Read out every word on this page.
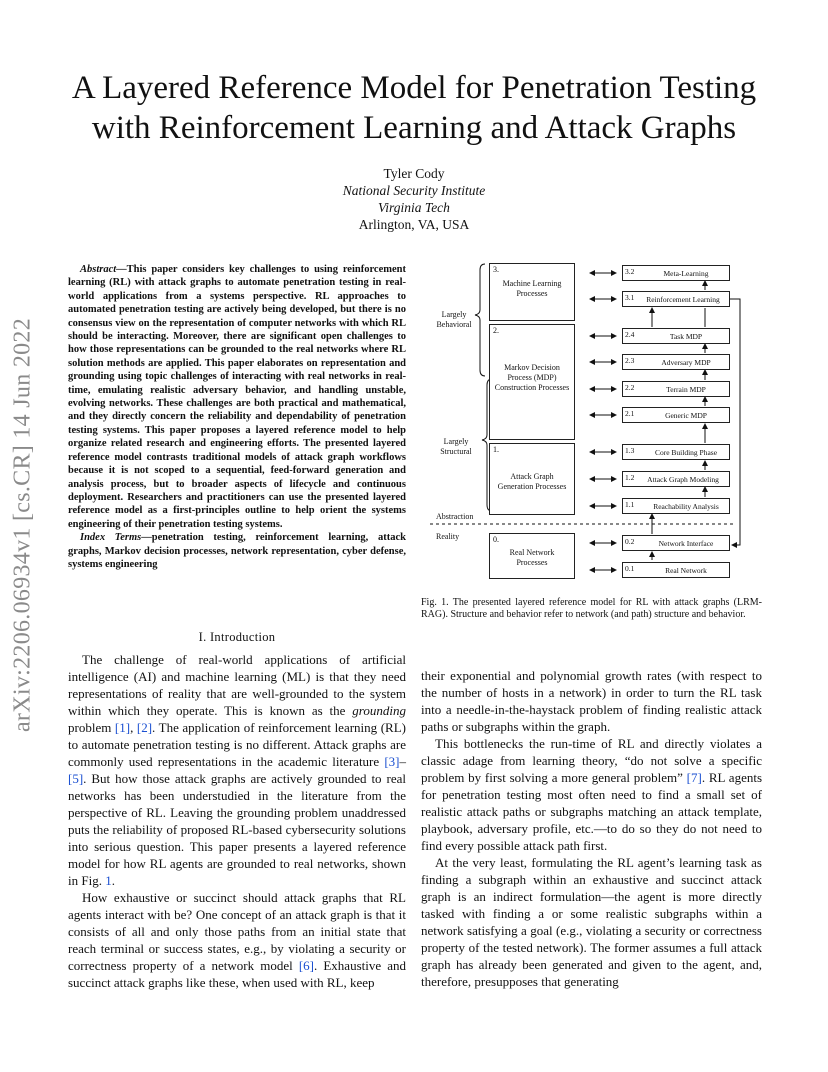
arXiv:2206.06934v1 [cs.CR] 14 Jun 2022
A Layered Reference Model for Penetration Testing with Reinforcement Learning and Attack Graphs
Tyler Cody
National Security Institute
Virginia Tech
Arlington, VA, USA

Abstract—This paper considers key challenges to using reinforcement learning (RL) with attack graphs to automate penetration testing in real-world applications from a systems perspective. RL approaches to automated penetration testing are actively being developed, but there is no consensus view on the representation of computer networks with which RL should be interacting. Moreover, there are significant open challenges to how those representations can be grounded to the real networks where RL solution methods are applied. This paper elaborates on representation and grounding using topic challenges of interacting with real networks in real-time, emulating realistic adversary behavior, and handling unstable, evolving networks. These challenges are both practical and mathematical, and they directly concern the reliability and dependability of penetration testing systems. This paper proposes a layered reference model to help organize related research and engineering efforts. The presented layered reference model contrasts traditional models of attack graph workflows because it is not scoped to a sequential, feed-forward generation and analysis process, but to broader aspects of lifecycle and continuous deployment. Researchers and practitioners can use the presented layered reference model as a first-principles outline to help orient the systems engineering of their penetration testing systems.

Index Terms—penetration testing, reinforcement learning, attack graphs, Markov decision processes, network representation, cyber defense, systems engineering

I. Introduction

The challenge of real-world applications of artificial intelligence (AI) and machine learning (ML) is that they need representations of reality that are well-grounded to the system within which they operate. This is known as the grounding problem [1], [2]. The application of reinforcement learning (RL) to automate penetration testing is no different. Attack graphs are commonly used representations in the academic literature [3]–[5]. But how those attack graphs are actively grounded to real networks has been understudied in the literature from the perspective of RL. Leaving the grounding problem unaddressed puts the reliability of proposed RL-based cybersecurity solutions into serious question. This paper presents a layered reference model for how RL agents are grounded to real networks, shown in Fig. 1.

How exhaustive or succinct should attack graphs that RL agents interact with be? One concept of an attack graph is that it consists of all and only those paths from an initial state that reach terminal or success states, e.g., by violating a security or correctness property of a network model [6]. Exhaustive and succinct attack graphs like these, when used with RL, keep

their exponential and polynomial growth rates (with respect to the number of hosts in a network) in order to turn the RL task into a needle-in-the-haystack problem of finding realistic attack paths or subgraphs within the graph.

This bottlenecks the run-time of RL and directly violates a classic adage from learning theory, “do not solve a specific problem by first solving a more general problem” [7]. RL agents for penetration testing most often need to find a small set of realistic attack paths or subgraphs matching an attack template, playbook, adversary profile, etc.—to do so they do not need to find every possible attack path first.

At the very least, formulating the RL agent’s learning task as finding a subgraph within an exhaustive and succinct attack graph is an indirect formulation—the agent is more directly tasked with finding a or some realistic subgraphs within a network satisfying a goal (e.g., violating a security or correctness property of the tested network). The former assumes a full attack graph has already been generated and given to the agent, and, therefore, presupposes that generating

Largely
Behavioral
Largely
Structural
Abstraction
Reality
3.
Machine Learning
Processes
2.
Markov Decision
Process (MDP)
Construction Processes
1.
Attack Graph
Generation Processes
0.
Real Network
Processes
3.2	Meta-Learning
3.1	Reinforcement Learning
2.4	Task MDP
2.3	Adversary MDP
2.2	Terrain MDP
2.1	Generic MDP
1.3	Core Building Phase
1.2	Attack Graph Modeling
1.1	Reachability Analysis
0.2	Network Interface
0.1	Real Network
Fig. 1. The presented layered reference model for RL with attack graphs (LRM-RAG). Structure and behavior refer to network (and path) structure and behavior.
